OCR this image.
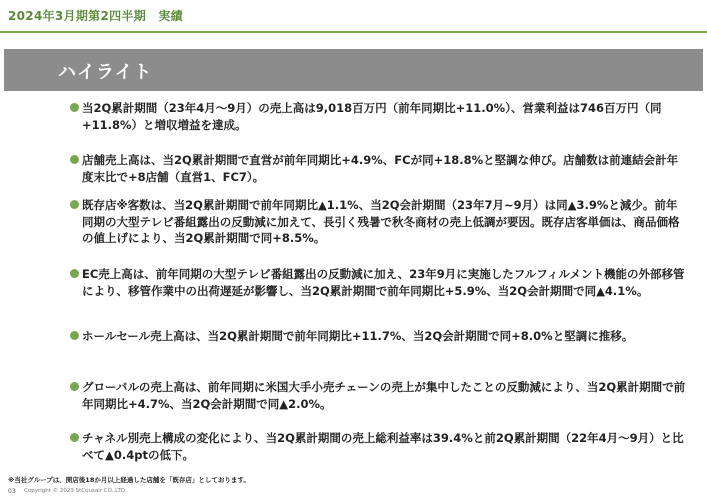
2024年3月期第2四半期　実績
ハイライト
当2Q累計期間（23年4月〜9月）の売上高は9,018百万円（前年同期比+11.0%）、営業利益は746百万円（同+11.8%）と増収増益を達成。
店舗売上高は、当2Q累計期間で直営が前年同期比+4.9%、FCが同+18.8%と堅調な伸び。店舗数は前連結会計年度末比で+8店舗（直営1、FC7）。
既存店※客数は、当2Q累計期間で前年同期比▲1.1%、当2Q会計期間（23年7月~9月）は同▲3.9%と減少。前年同期の大型テレビ番組露出の反動減に加えて、長引く残暑で秋冬商材の売上低調が要因。既存店客単価は、商品価格の値上げにより、当2Q累計期間で同+8.5%。
EC売上高は、前年同期の大型テレビ番組露出の反動減に加え、23年9月に実施したフルフィルメント機能の外部移管により、移管作業中の出荷遅延が影響し、当2Q累計期間で前年同期比+5.9%、当2Q会計期間で同▲4.1%。
ホールセール売上高は、当2Q累計期間で前年同期比+11.7%、当2Q会計期間で同+8.0%と堅調に推移。
グローバルの売上高は、前年同期に米国大手小売チェーンの売上が集中したことの反動減により、当2Q累計期間で前年同期比+4.7%、当2Q会計期間で同▲2.0%。
チャネル別売上構成の変化により、当2Q累計期間の売上総利益率は39.4%と前2Q累計期間（22年4月〜9月）と比べて▲0.4ptの低下。
※当社グループは、開店後18か月以上経過した店舗を「既存店」としております。
03 Copyright © 2023 StCousair CO.,LTD.
